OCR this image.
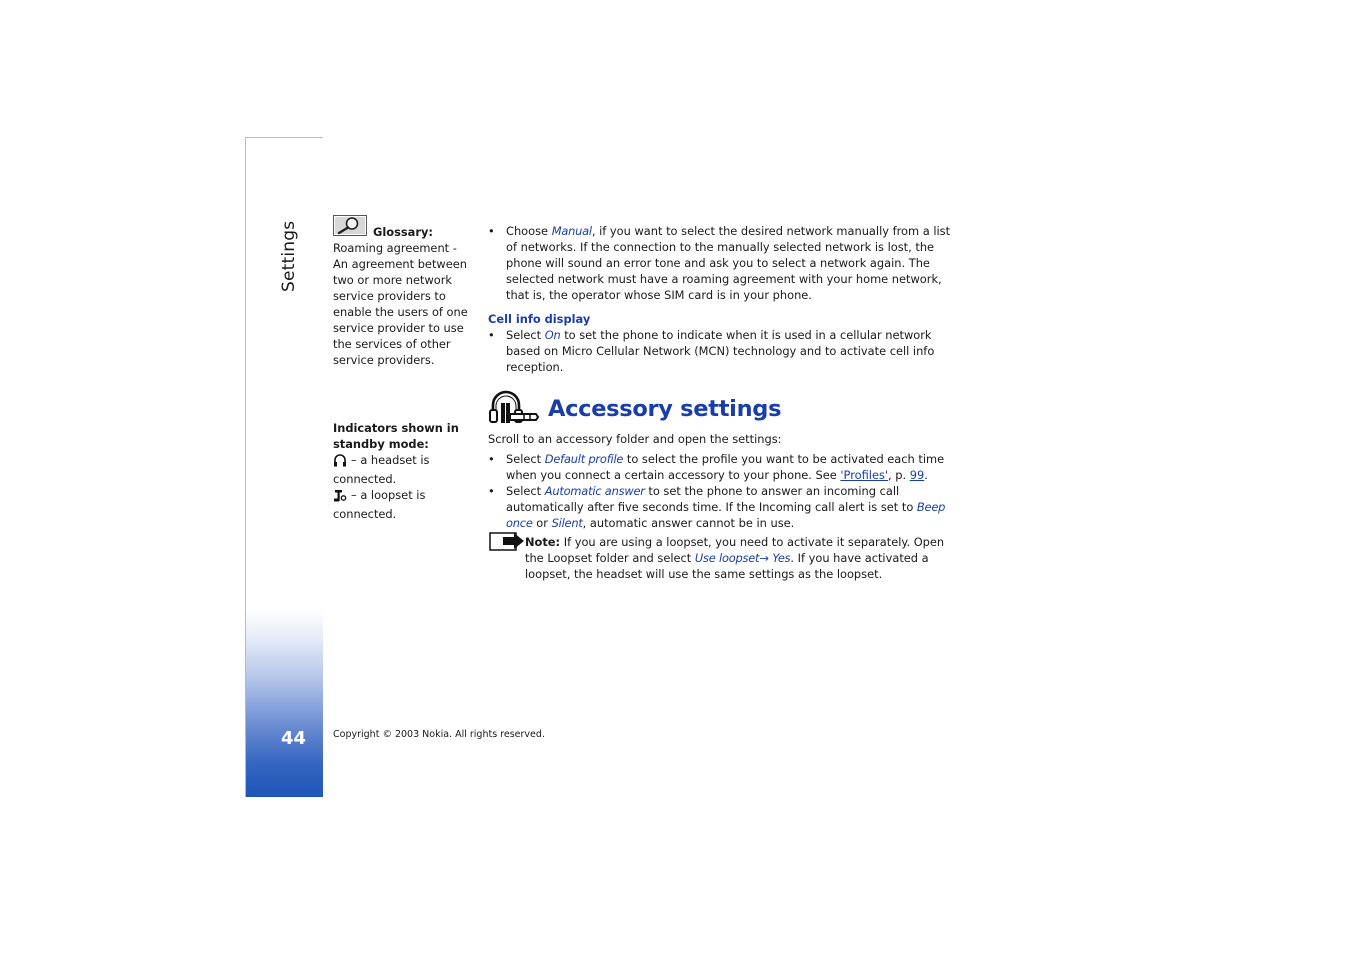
Settings
44
Glossary:
Roaming agreement - An agreement between two or more network service providers to enable the users of one service provider to use the services of other service providers.
Indicators shown in standby mode:
– a headset is connected.
– a loopset is connected.
• Choose Manual, if you want to select the desired network manually from a list of networks. If the connection to the manually selected network is lost, the phone will sound an error tone and ask you to select a network again. The selected network must have a roaming agreement with your home network, that is, the operator whose SIM card is in your phone.
Cell info display
• Select On to set the phone to indicate when it is used in a cellular network based on Micro Cellular Network (MCN) technology and to activate cell info reception.
Accessory settings
Scroll to an accessory folder and open the settings:
• Select Default profile to select the profile you want to be activated each time when you connect a certain accessory to your phone. See 'Profiles', p. 99.
• Select Automatic answer to set the phone to answer an incoming call automatically after five seconds time. If the Incoming call alert is set to Beep once or Silent, automatic answer cannot be in use.
Note: If you are using a loopset, you need to activate it separately. Open the Loopset folder and select Use loopset→ Yes. If you have activated a loopset, the headset will use the same settings as the loopset.
Copyright © 2003 Nokia. All rights reserved.
